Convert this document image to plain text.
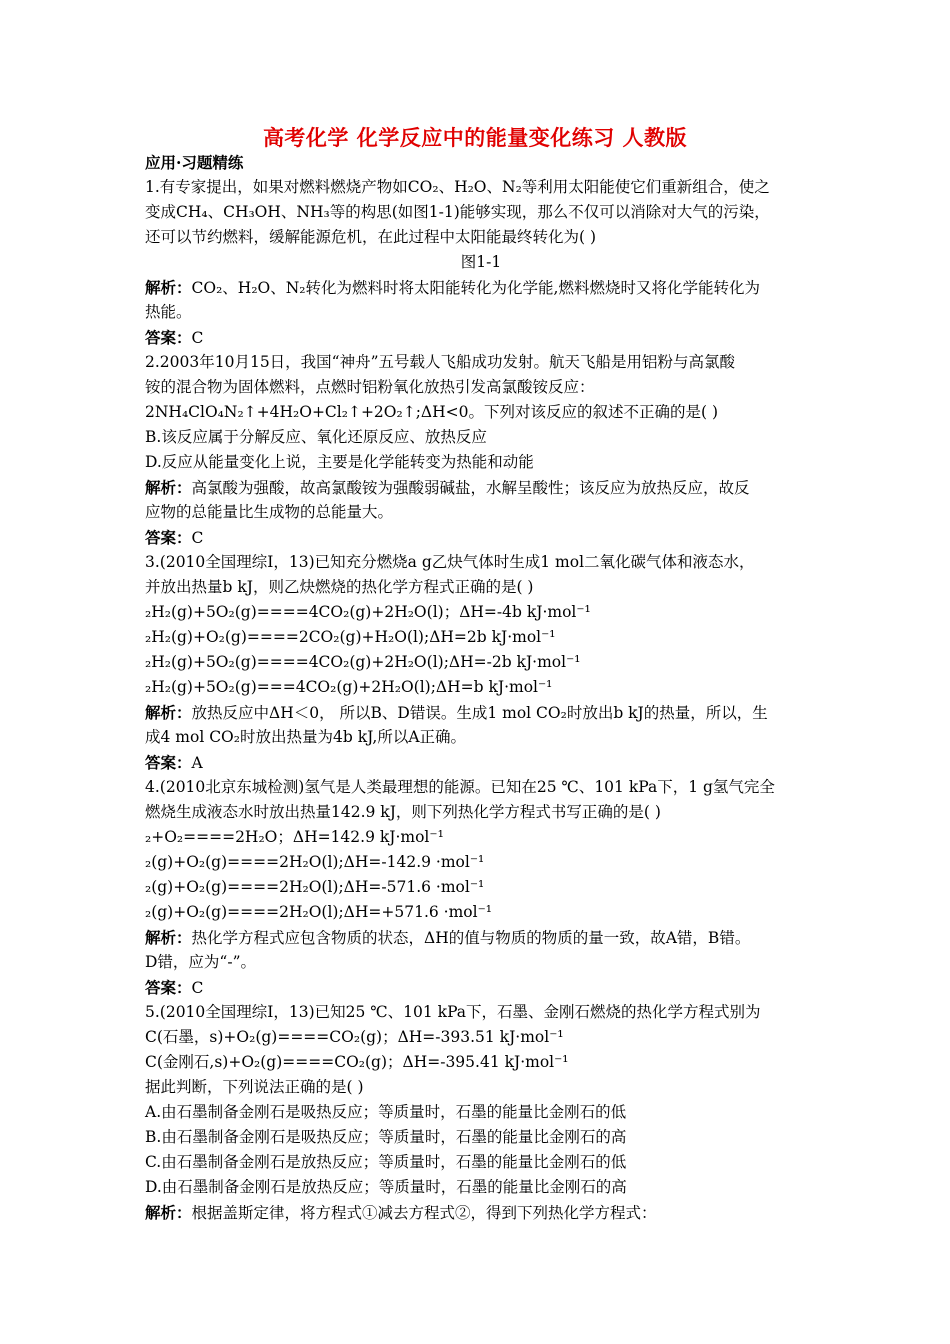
高考化学 化学反应中的能量变化练习 人教版
应用·习题精练
1.有专家提出，如果对燃料燃烧产物如CO₂、H₂O、N₂等利用太阳能使它们重新组合，使之
变成CH₄、CH₃OH、NH₃等的构思(如图1-1)能够实现，那么不仅可以消除对大气的污染，
还可以节约燃料，缓解能源危机，在此过程中太阳能最终转化为( )
图1-1
解析：CO₂、H₂O、N₂转化为燃料时将太阳能转化为化学能,燃料燃烧时又将化学能转化为
热能。
答案：C
2.2003年10月15日，我国“神舟”五号载人飞船成功发射。航天飞船是用铝粉与高氯酸
铵的混合物为固体燃料，点燃时铝粉氧化放热引发高氯酸铵反应：
2NH₄ClO₄N₂↑+4H₂O+Cl₂↑+2O₂↑;ΔH<0。下列对该反应的叙述不正确的是( )
B.该反应属于分解反应、氧化还原反应、放热反应
D.反应从能量变化上说，主要是化学能转变为热能和动能
解析：高氯酸为强酸，故高氯酸铵为强酸弱碱盐，水解呈酸性；该反应为放热反应，故反
应物的总能量比生成物的总能量大。
答案：C
3.(2010全国理综Ⅰ，13)已知充分燃烧a g乙炔气体时生成1 mol二氧化碳气体和液态水，
并放出热量b kJ，则乙炔燃烧的热化学方程式正确的是( )
₂H₂(g)+5O₂(g)====4CO₂(g)+2H₂O(l)；ΔH=-4b kJ·mol⁻¹
₂H₂(g)+O₂(g)====2CO₂(g)+H₂O(l);ΔH=2b kJ·mol⁻¹
₂H₂(g)+5O₂(g)====4CO₂(g)+2H₂O(l);ΔH=-2b kJ·mol⁻¹
₂H₂(g)+5O₂(g)===4CO₂(g)+2H₂O(l);ΔH=b kJ·mol⁻¹
解析：放热反应中ΔH＜0， 所以B、D错误。生成1 mol CO₂时放出b kJ的热量，所以，生
成4 mol CO₂时放出热量为4b kJ,所以A正确。
答案：A
4.(2010北京东城检测)氢气是人类最理想的能源。已知在25 ℃、101 kPa下，1 g氢气完全
燃烧生成液态水时放出热量142.9 kJ，则下列热化学方程式书写正确的是( )
₂+O₂====2H₂O；ΔH=142.9 kJ·mol⁻¹
₂(g)+O₂(g)====2H₂O(l);ΔH=-142.9 ·mol⁻¹
₂(g)+O₂(g)====2H₂O(l);ΔH=-571.6 ·mol⁻¹
₂(g)+O₂(g)====2H₂O(l);ΔH=+571.6 ·mol⁻¹
解析：热化学方程式应包含物质的状态，ΔH的值与物质的物质的量一致，故A错，B错。
D错，应为“-”。
答案：C
5.(2010全国理综Ⅰ，13)已知25 ℃、101 kPa下，石墨、金刚石燃烧的热化学方程式别为
C(石墨，s)+O₂(g)====CO₂(g)；ΔH=-393.51 kJ·mol⁻¹
C(金刚石,s)+O₂(g)====CO₂(g)；ΔH=-395.41 kJ·mol⁻¹
据此判断，下列说法正确的是( )
A.由石墨制备金刚石是吸热反应；等质量时，石墨的能量比金刚石的低
B.由石墨制备金刚石是吸热反应；等质量时，石墨的能量比金刚石的高
C.由石墨制备金刚石是放热反应；等质量时，石墨的能量比金刚石的低
D.由石墨制备金刚石是放热反应；等质量时，石墨的能量比金刚石的高
解析：根据盖斯定律，将方程式①减去方程式②，得到下列热化学方程式：
